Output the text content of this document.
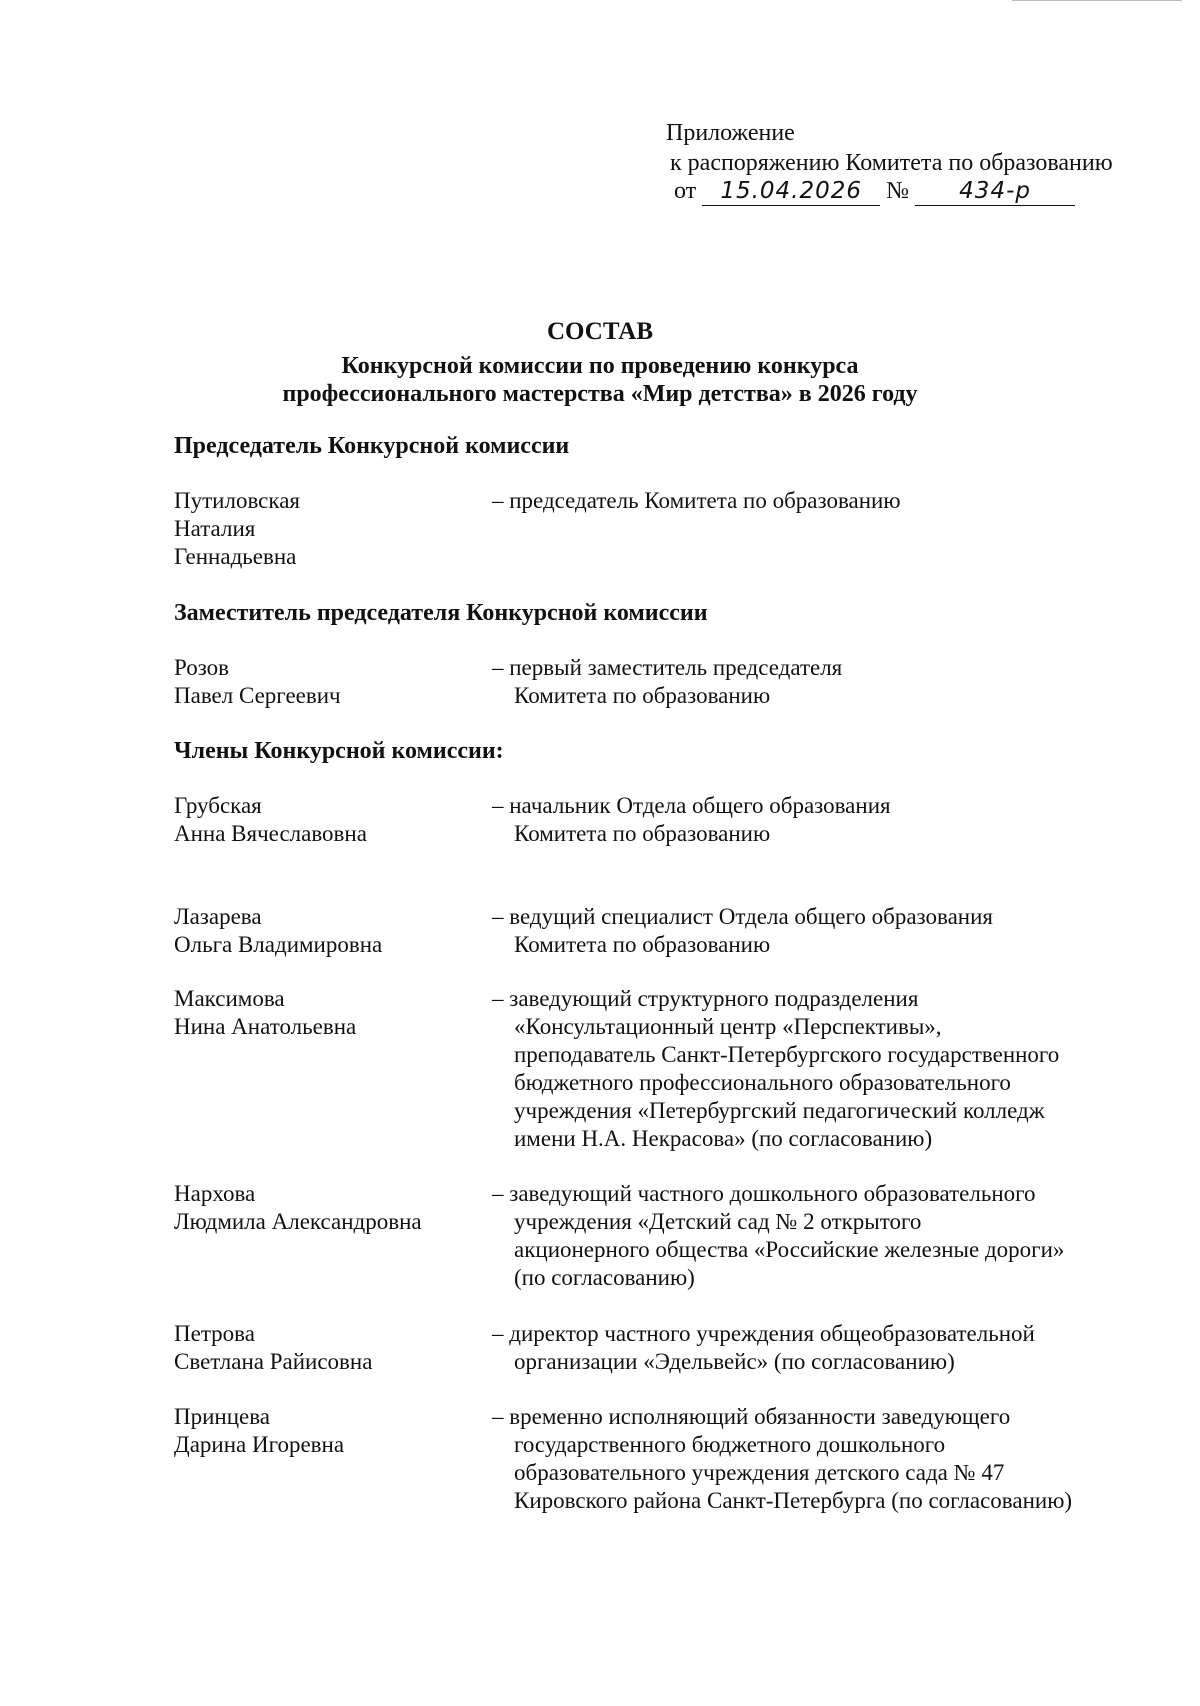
Приложение
к распоряжению Комитета по образованию
от 15.04.2026 № 434-р
СОСТАВ
Конкурсной комиссии по проведению конкурса
профессионального мастерства «Мир детства» в 2026 году
Председатель Конкурсной комиссии
Путиловская
Наталия
Геннадьевна
– председатель Комитета по образованию
Заместитель председателя Конкурсной комиссии
Розов
Павел Сергеевич
– первый заместитель председателя
Комитета по образованию
Члены Конкурсной комиссии:
Грубская
Анна Вячеславовна
– начальник Отдела общего образования
Комитета по образованию
Лазарева
Ольга Владимировна
– ведущий специалист Отдела общего образования
Комитета по образованию
Максимова
Нина Анатольевна
– заведующий структурного подразделения
«Консультационный центр «Перспективы»,
преподаватель Санкт-Петербургского государственного
бюджетного профессионального образовательного
учреждения «Петербургский педагогический колледж
имени Н.А. Некрасова» (по согласованию)
Нархова
Людмила Александровна
– заведующий частного дошкольного образовательного
учреждения «Детский сад № 2 открытого
акционерного общества «Российские железные дороги»
(по согласованию)
Петрова
Светлана Райисовна
– директор частного учреждения общеобразовательной
организации «Эдельвейс» (по согласованию)
Принцева
Дарина Игоревна
– временно исполняющий обязанности заведующего
государственного бюджетного дошкольного
образовательного учреждения детского сада № 47
Кировского района Санкт-Петербурга (по согласованию)
